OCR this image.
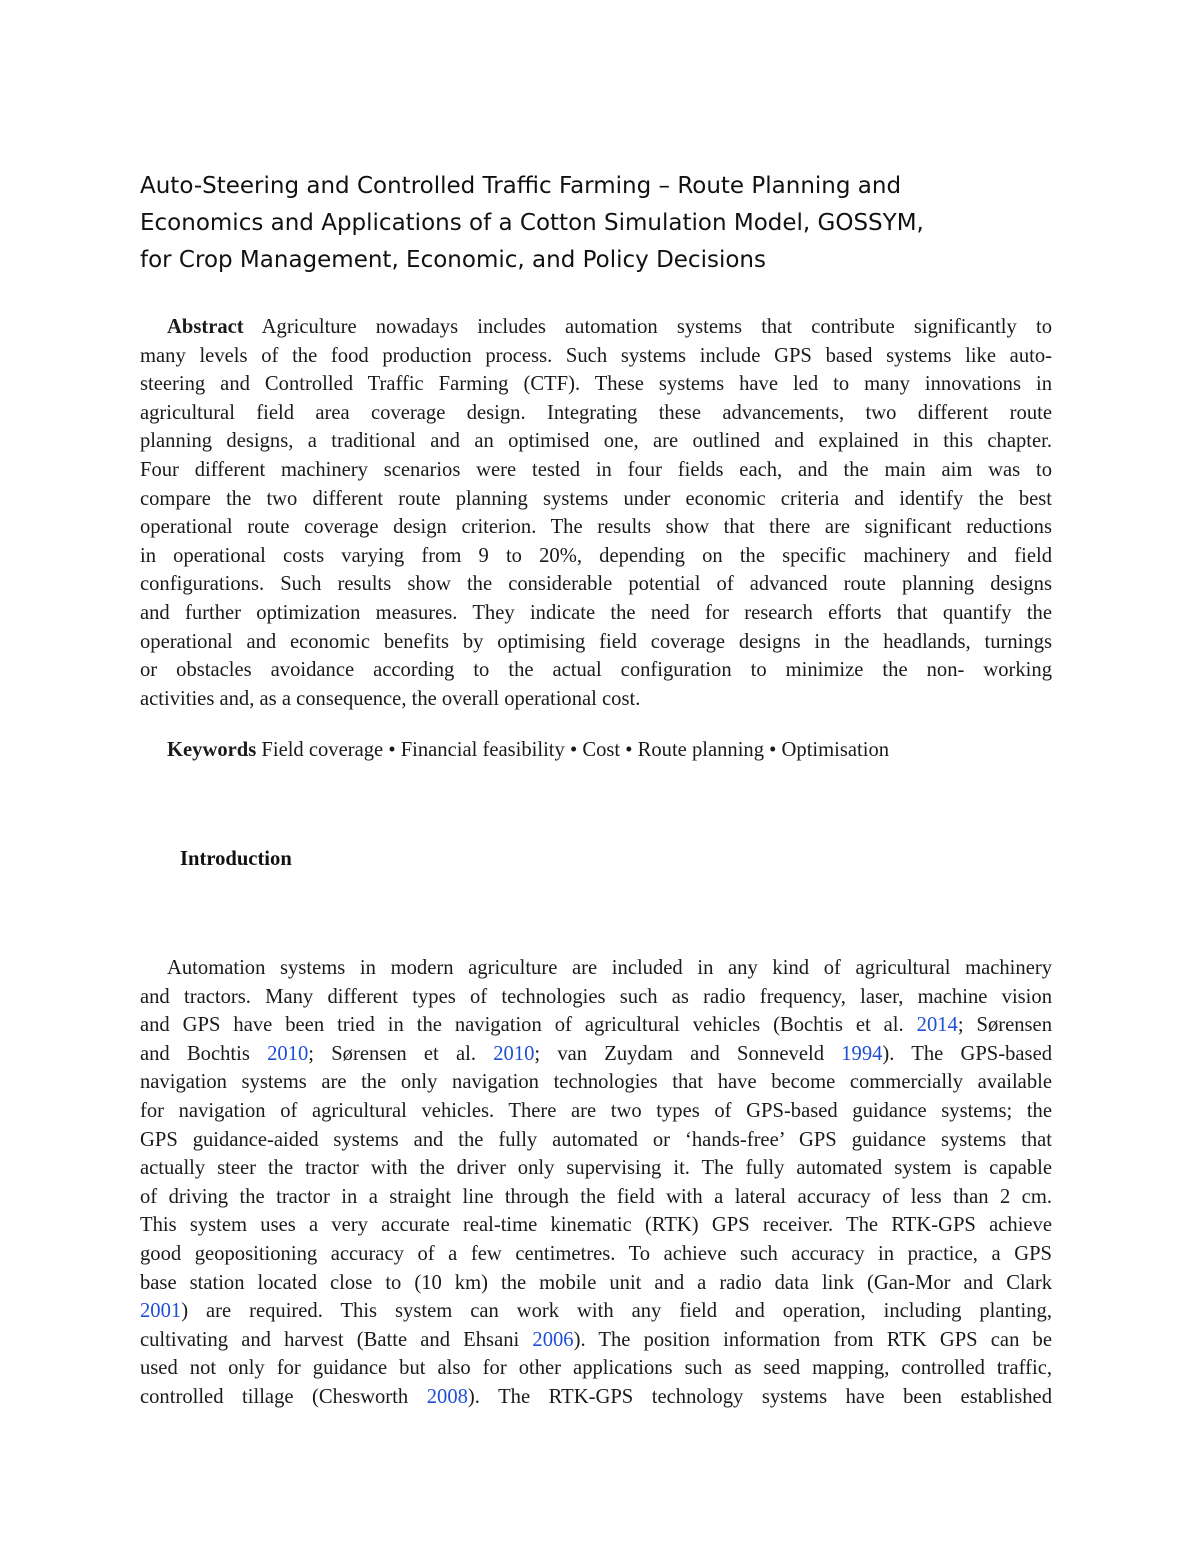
Auto-Steering and Controlled Traffic Farming – Route Planning and
Economics and Applications of a Cotton Simulation Model, GOSSYM,
for Crop Management, Economic, and Policy Decisions
Abstract Agriculture nowadays includes automation systems that contribute significantly to
many levels of the food production process. Such systems include GPS based systems like auto-
steering and Controlled Traffic Farming (CTF). These systems have led to many innovations in
agricultural field area coverage design. Integrating these advancements, two different route
planning designs, a traditional and an optimised one, are outlined and explained in this chapter.
Four different machinery scenarios were tested in four fields each, and the main aim was to
compare the two different route planning systems under economic criteria and identify the best
operational route coverage design criterion. The results show that there are significant reductions
in operational costs varying from 9 to 20%, depending on the specific machinery and field
configurations. Such results show the considerable potential of advanced route planning designs
and further optimization measures. They indicate the need for research efforts that quantify the
operational and economic benefits by optimising field coverage designs in the headlands, turnings
or obstacles avoidance according to the actual configuration to minimize the non- working
activities and, as a consequence, the overall operational cost.

Keywords Field coverage • Financial feasibility • Cost • Route planning • Optimisation

Introduction
Automation systems in modern agriculture are included in any kind of agricultural machinery
and tractors. Many different types of technologies such as radio frequency, laser, machine vision
and GPS have been tried in the navigation of agricultural vehicles (Bochtis et al. 2014; Sørensen
and Bochtis 2010; Sørensen et al. 2010; van Zuydam and Sonneveld 1994). The GPS-based
navigation systems are the only navigation technologies that have become commercially available
for navigation of agricultural vehicles. There are two types of GPS-based guidance systems; the
GPS guidance-aided systems and the fully automated or ‘hands-free’ GPS guidance systems that
actually steer the tractor with the driver only supervising it. The fully automated system is capable
of driving the tractor in a straight line through the field with a lateral accuracy of less than 2 cm.
This system uses a very accurate real-time kinematic (RTK) GPS receiver. The RTK-GPS achieve
good geopositioning accuracy of a few centimetres. To achieve such accuracy in practice, a GPS
base station located close to (10 km) the mobile unit and a radio data link (Gan-Mor and Clark
2001) are required. This system can work with any field and operation, including planting,
cultivating and harvest (Batte and Ehsani 2006). The position information from RTK GPS can be
used not only for guidance but also for other applications such as seed mapping, controlled traffic,
controlled tillage (Chesworth 2008). The RTK-GPS technology systems have been established
